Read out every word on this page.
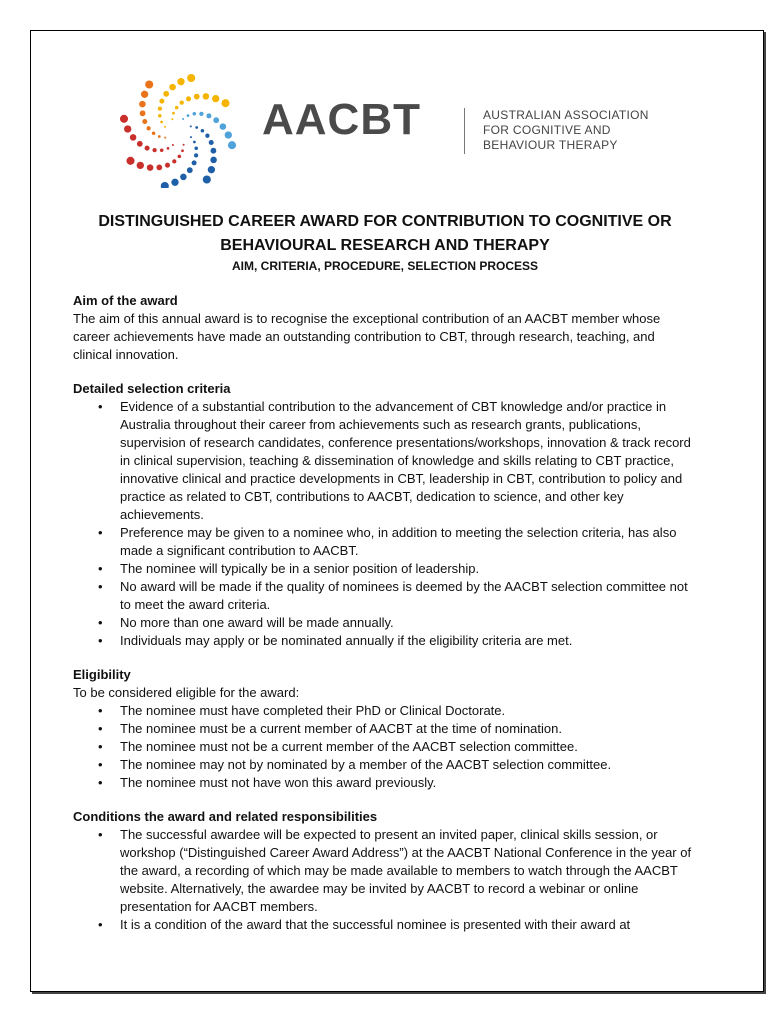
AACBT	AUSTRALIAN ASSOCIATION
FOR COGNITIVE AND
BEHAVIOUR THERAPY
DISTINGUISHED CAREER AWARD FOR CONTRIBUTION TO COGNITIVE OR
BEHAVIOURAL RESEARCH AND THERAPY
AIM, CRITERIA, PROCEDURE, SELECTION PROCESS
Aim of the award
The aim of this annual award is to recognise the exceptional contribution of an AACBT member whose career achievements have made an outstanding contribution to CBT, through research, teaching, and clinical innovation.
Detailed selection criteria
• Evidence of a substantial contribution to the advancement of CBT knowledge and/or practice in Australia throughout their career from achievements such as research grants, publications, supervision of research candidates, conference presentations/workshops, innovation & track record in clinical supervision, teaching & dissemination of knowledge and skills relating to CBT practice, innovative clinical and practice developments in CBT, leadership in CBT, contribution to policy and practice as related to CBT, contributions to AACBT, dedication to science, and other key achievements.
• Preference may be given to a nominee who, in addition to meeting the selection criteria, has also made a significant contribution to AACBT.
• The nominee will typically be in a senior position of leadership.
• No award will be made if the quality of nominees is deemed by the AACBT selection committee not to meet the award criteria.
• No more than one award will be made annually.
• Individuals may apply or be nominated annually if the eligibility criteria are met.
Eligibility
To be considered eligible for the award:
• The nominee must have completed their PhD or Clinical Doctorate.
• The nominee must be a current member of AACBT at the time of nomination.
• The nominee must not be a current member of the AACBT selection committee.
• The nominee may not by nominated by a member of the AACBT selection committee.
• The nominee must not have won this award previously.
Conditions the award and related responsibilities
• The successful awardee will be expected to present an invited paper, clinical skills session, or workshop (“Distinguished Career Award Address”) at the AACBT National Conference in the year of the award, a recording of which may be made available to members to watch through the AACBT website. Alternatively, the awardee may be invited by AACBT to record a webinar or online presentation for AACBT members.
• It is a condition of the award that the successful nominee is presented with their award at
